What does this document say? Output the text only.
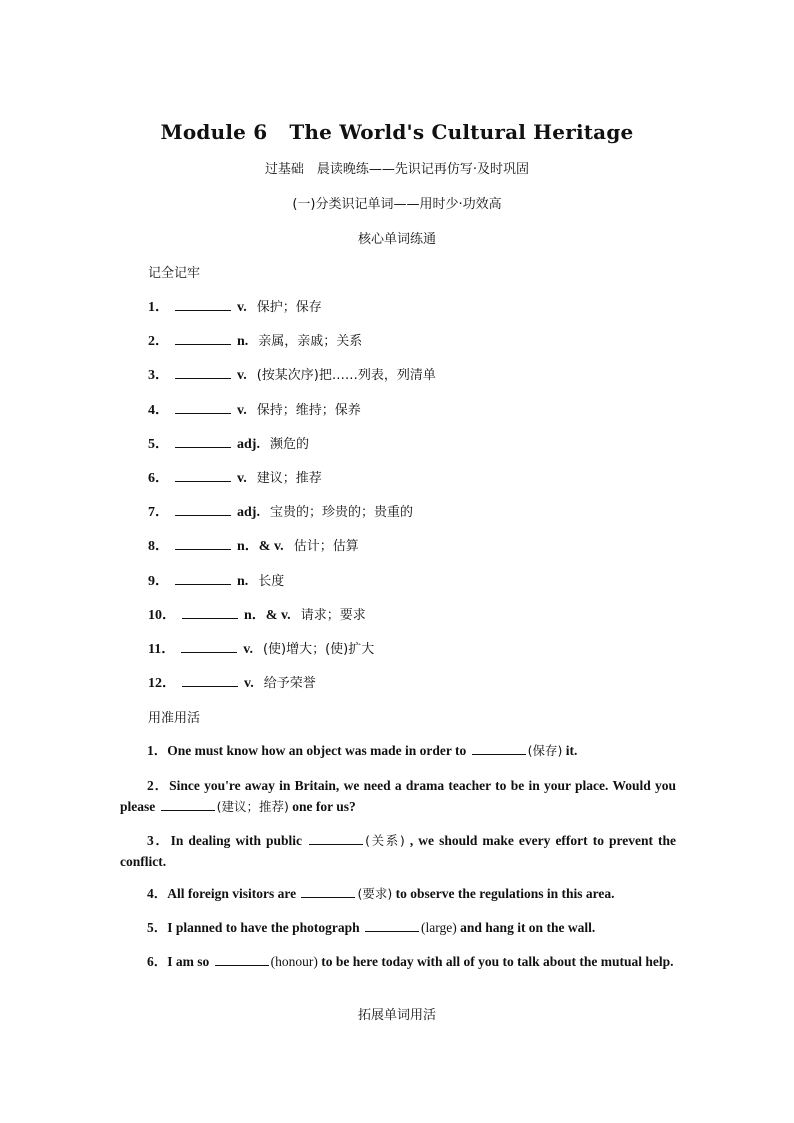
Module 6 The World's Cultural Heritage
过基础　晨读晚练——先识记再仿写·及时巩固
(一)分类识记单词——用时少·功效高
核心单词练通
记全记牢
1．	v. 保护；保存
2．	n. 亲属，亲戚；关系
3．	v. (按某次序)把……列表，列清单
4．	v. 保持；维持；保养
5．	adj. 濒危的
6．	v. 建议；推荐
7．	adj. 宝贵的；珍贵的；贵重的
8．	n．& v. 估计；估算
9．	n. 长度
10．	n．& v. 请求；要求
11．	v. (使)增大；(使)扩大
12．	v. 给予荣誉
用准用活
1．One must know how an object was made in order to	(保存) it.
2．Since you're away in Britain, we need a drama teacher to be in your place. Would you please	(建议；推荐) one for us?
3．In dealing with public	(关系) , we should make every effort to prevent the conflict.
4．All foreign visitors are	(要求) to observe the regulations in this area.
5．I planned to have the photograph	(large) and hang it on the wall.
6．I am so	(honour) to be here today with all of you to talk about the mutual help.
拓展单词用活
